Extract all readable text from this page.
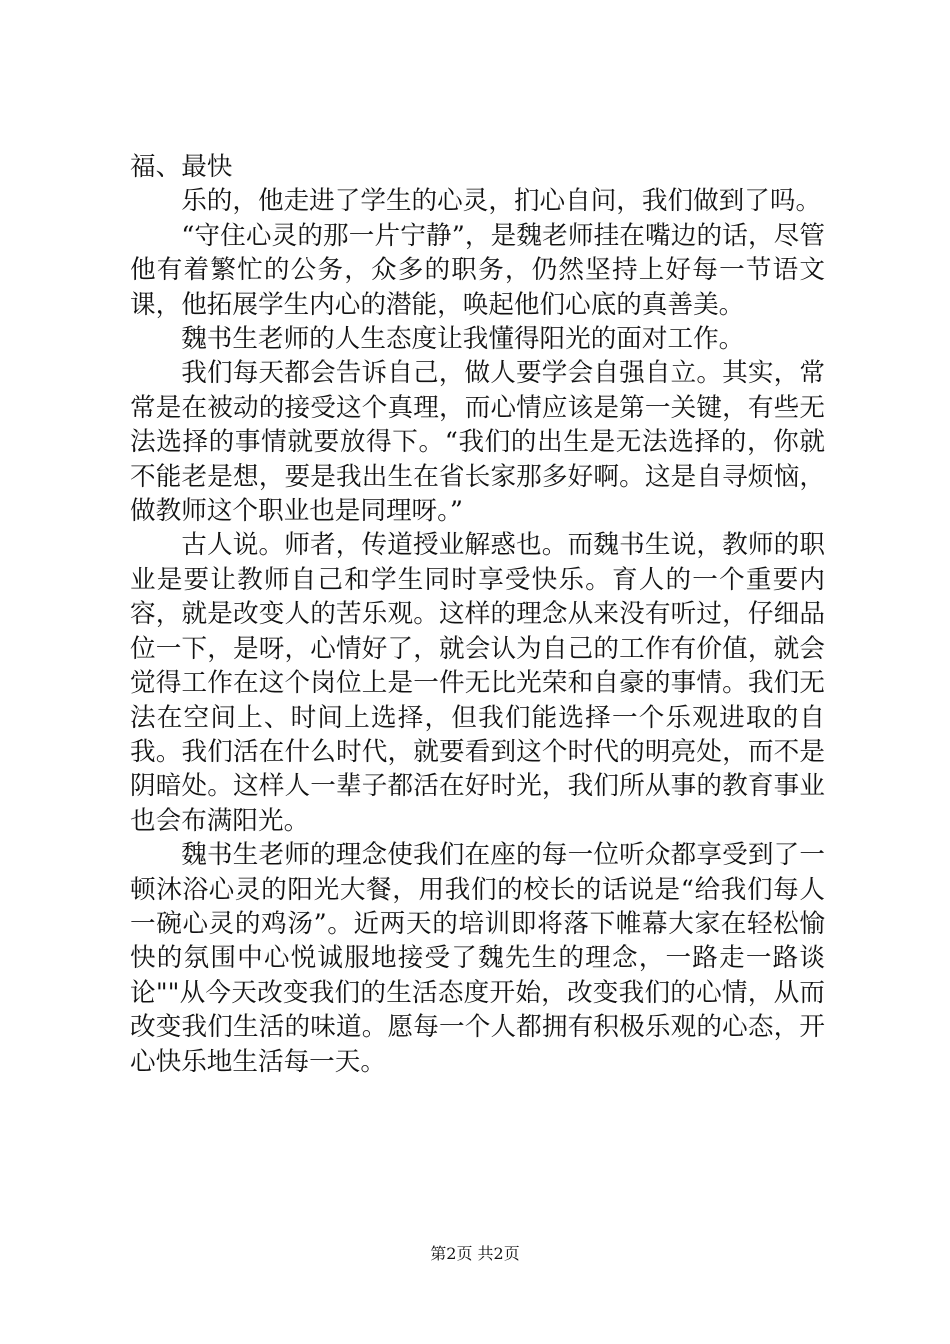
福、最快

乐的，他走进了学生的心灵，扪心自问，我们做到了吗。

“守住心灵的那一片宁静”，是魏老师挂在嘴边的话，尽管他有着繁忙的公务，众多的职务，仍然坚持上好每一节语文课，他拓展学生内心的潜能，唤起他们心底的真善美。

魏书生老师的人生态度让我懂得阳光的面对工作。

我们每天都会告诉自己，做人要学会自强自立。其实，常常是在被动的接受这个真理，而心情应该是第一关键，有些无法选择的事情就要放得下。“我们的出生是无法选择的，你就不能老是想，要是我出生在省长家那多好啊。这是自寻烦恼，做教师这个职业也是同理呀。”

古人说。师者，传道授业解惑也。而魏书生说，教师的职业是要让教师自己和学生同时享受快乐。育人的一个重要内容，就是改变人的苦乐观。这样的理念从来没有听过，仔细品位一下，是呀，心情好了，就会认为自己的工作有价值，就会觉得工作在这个岗位上是一件无比光荣和自豪的事情。我们无法在空间上、时间上选择，但我们能选择一个乐观进取的自我。我们活在什么时代，就要看到这个时代的明亮处，而不是阴暗处。这样人一辈子都活在好时光，我们所从事的教育事业也会布满阳光。

魏书生老师的理念使我们在座的每一位听众都享受到了一顿沐浴心灵的阳光大餐，用我们的校长的话说是“给我们每人一碗心灵的鸡汤”。近两天的培训即将落下帷幕大家在轻松愉快的氛围中心悦诚服地接受了魏先生的理念，一路走一路谈论""从今天改变我们的生活态度开始，改变我们的心情，从而改变我们生活的味道。愿每一个人都拥有积极乐观的心态，开心快乐地生活每一天。

第2页 共2页
